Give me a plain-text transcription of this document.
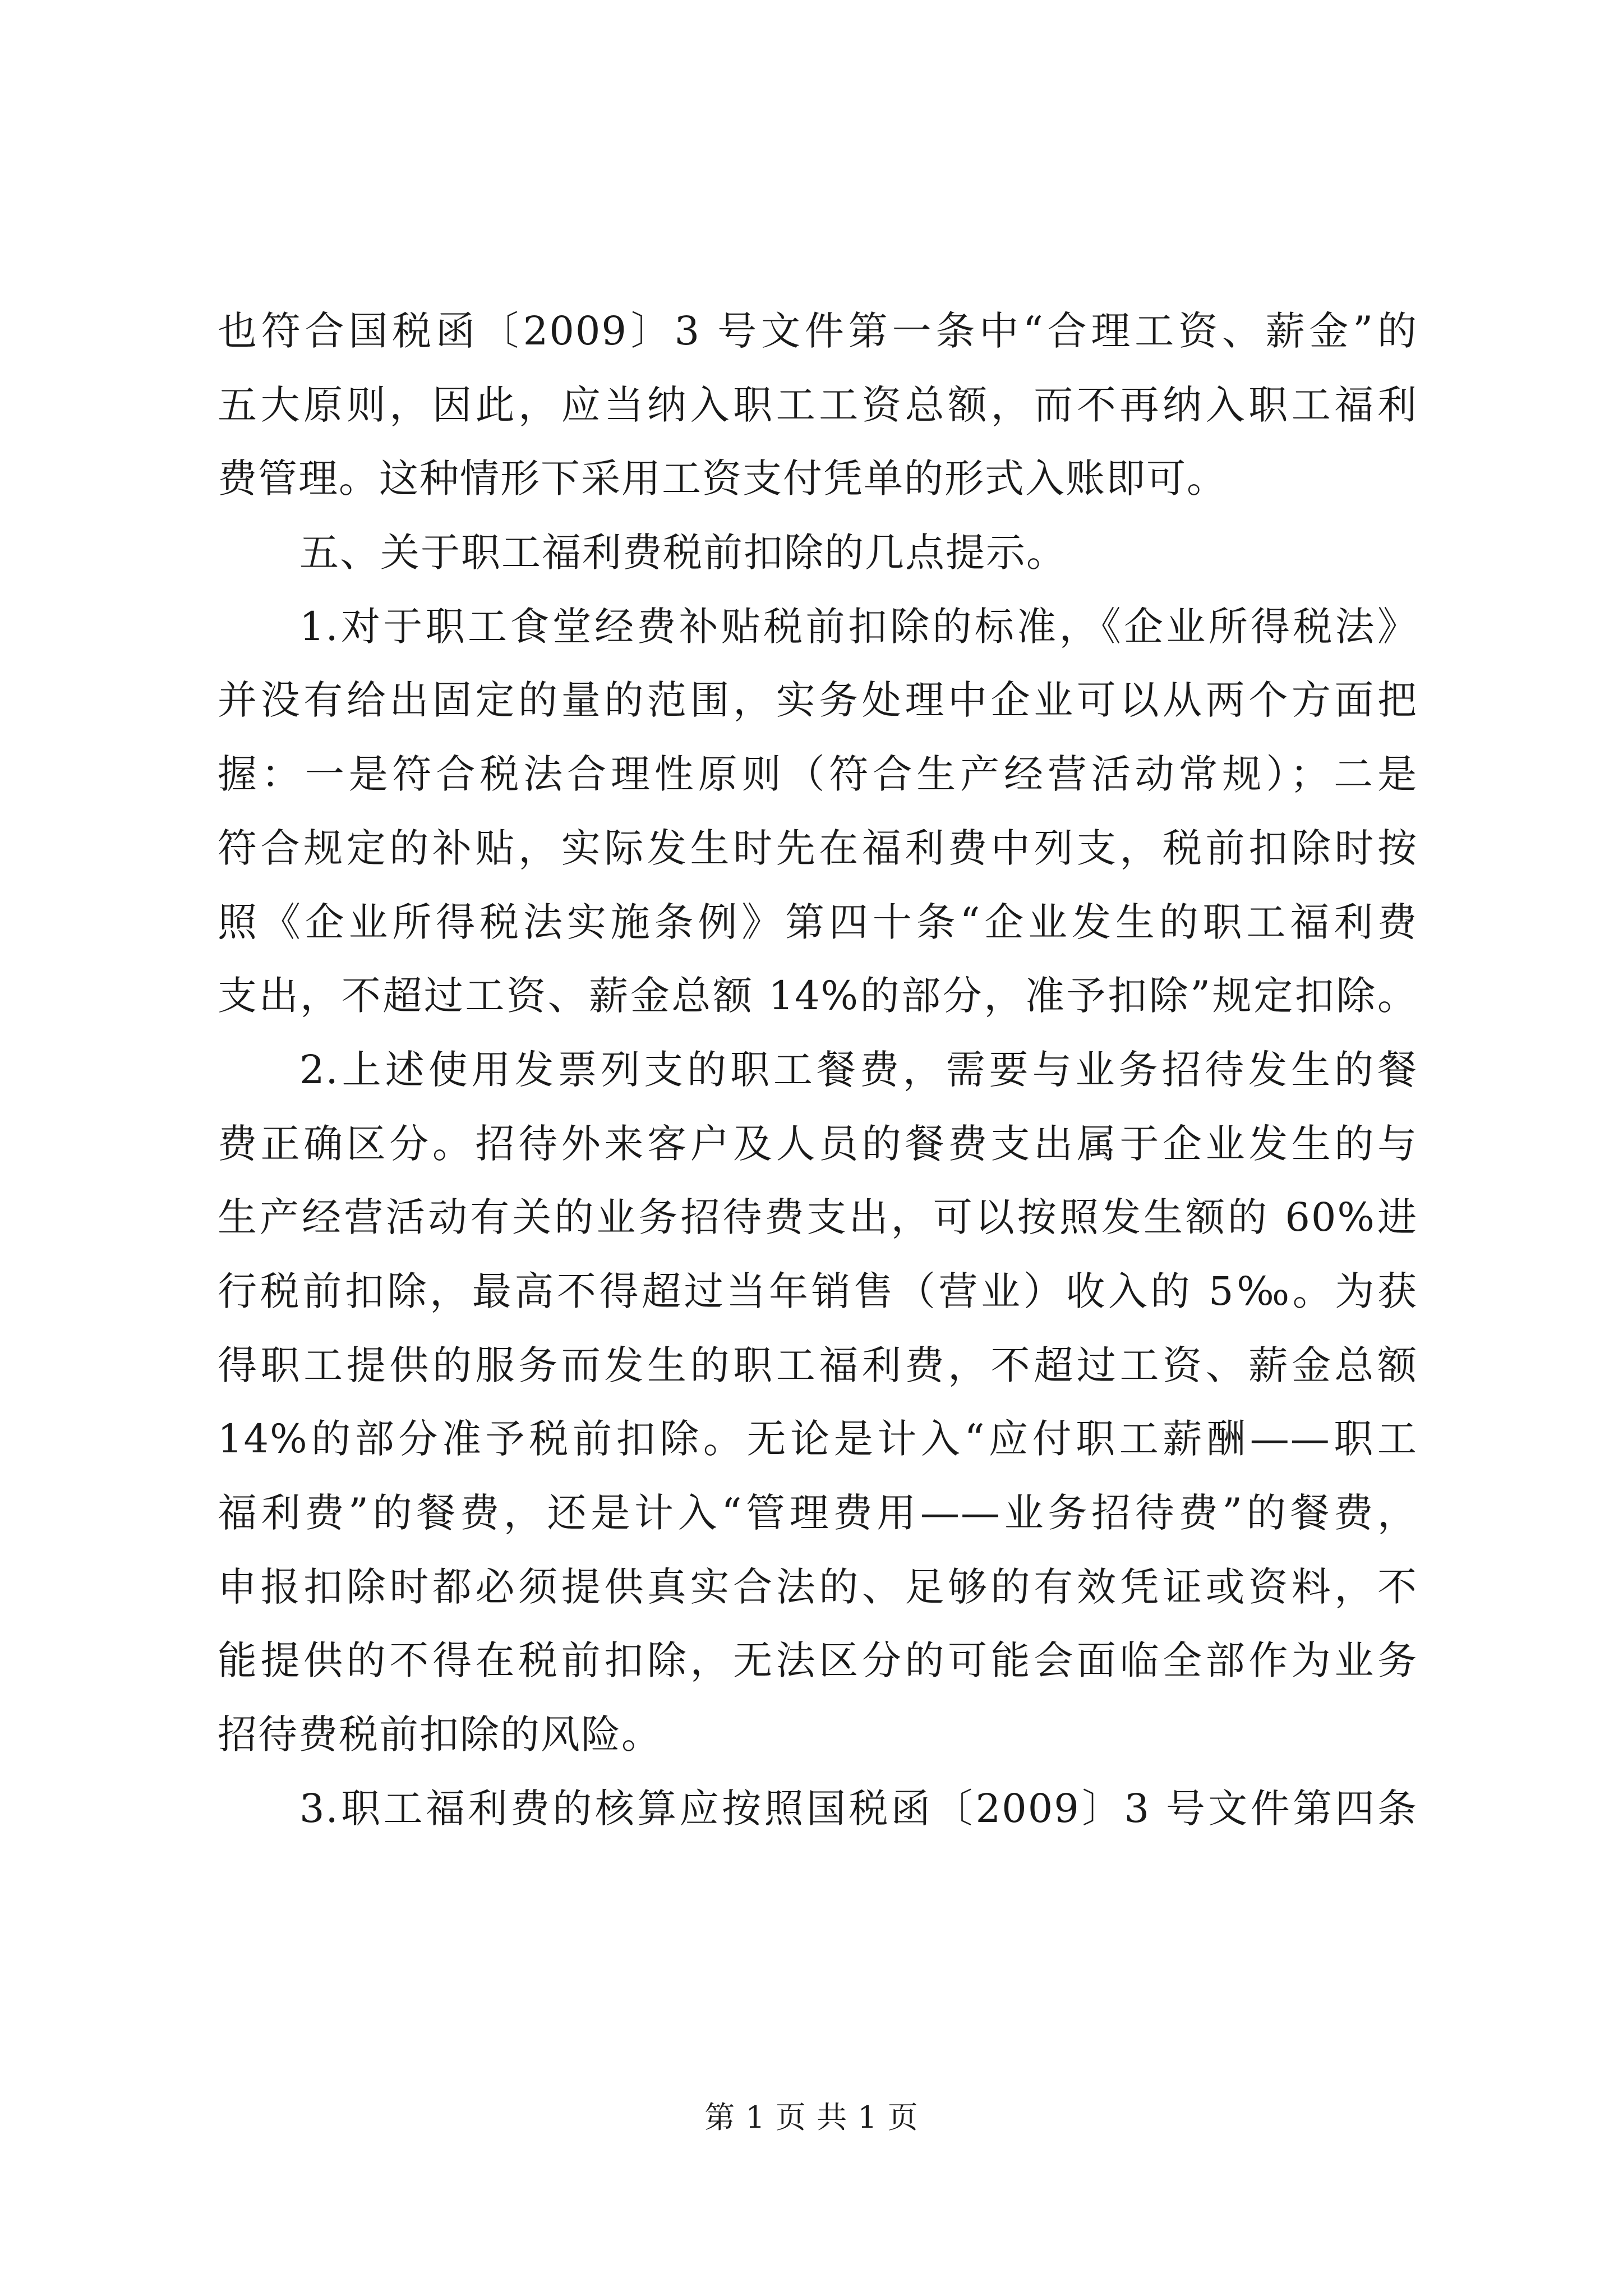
也符合国税函〔2009〕3 号文件第一条中“合理工资、薪金”的
五大原则，因此，应当纳入职工工资总额，而不再纳入职工福利
费管理。这种情形下采用工资支付凭单的形式入账即可。
五、关于职工福利费税前扣除的几点提示。
1.对于职工食堂经费补贴税前扣除的标准，《企业所得税法》
并没有给出固定的量的范围，实务处理中企业可以从两个方面把
握：一是符合税法合理性原则（符合生产经营活动常规）；二是
符合规定的补贴，实际发生时先在福利费中列支，税前扣除时按
照《企业所得税法实施条例》第四十条“企业发生的职工福利费
支出，不超过工资、薪金总额 14%的部分，准予扣除”规定扣除。
2.上述使用发票列支的职工餐费，需要与业务招待发生的餐
费正确区分。招待外来客户及人员的餐费支出属于企业发生的与
生产经营活动有关的业务招待费支出，可以按照发生额的 60%进
行税前扣除，最高不得超过当年销售（营业）收入的 5‰。为获
得职工提供的服务而发生的职工福利费，不超过工资、薪金总额
14%的部分准予税前扣除。无论是计入“应付职工薪酬——职工
福利费”的餐费，还是计入“管理费用——业务招待费”的餐费，
申报扣除时都必须提供真实合法的、足够的有效凭证或资料，不
能提供的不得在税前扣除，无法区分的可能会面临全部作为业务
招待费税前扣除的风险。
3.职工福利费的核算应按照国税函〔2009〕3 号文件第四条
第 1 页 共 1 页
